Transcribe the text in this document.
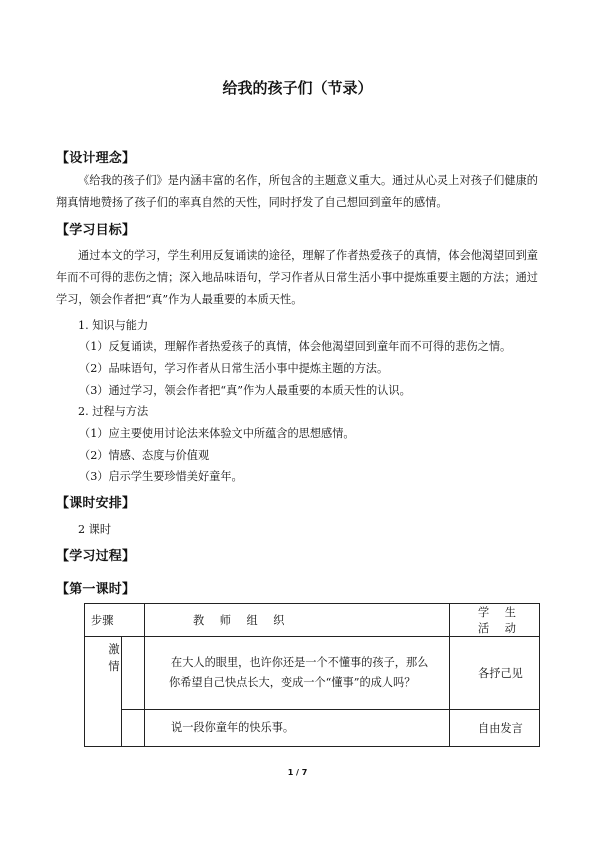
给我的孩子们（节录）
【设计理念】
《给我的孩子们》是内涵丰富的名作，所包含的主题意义重大。通过从心灵上对孩子们健康的翔真情地赞扬了孩子们的率真自然的天性，同时抒发了自己想回到童年的感情。
【学习目标】
通过本文的学习，学生利用反复诵读的途径，理解了作者热爱孩子的真情，体会他渴望回到童年而不可得的悲伤之情；深入地品味语句，学习作者从日常生活小事中提炼重要主题的方法；通过学习，领会作者把“真”作为人最重要的本质天性。
1. 知识与能力
（1）反复诵读，理解作者热爱孩子的真情，体会他渴望回到童年而不可得的悲伤之情。
（2）品味语句，学习作者从日常生活小事中提炼主题的方法。
（3）通过学习，领会作者把“真”作为人最重要的本质天性的认识。
2. 过程与方法
（1）应主要使用讨论法来体验文中所蕴含的思想感情。
（2）情感、态度与价值观
（3）启示学生要珍惜美好童年。
【课时安排】
2 课时
【学习过程】
【第一课时】
步骤		教 师 组 织	学 生 活 动
激情		在大人的眼里，也许你还是一个不懂事的孩子，那么你希望自己快点长大，变成一个“懂事”的成人吗？	各抒己见

		说一段你童年的快乐事。	自由发言
1 / 7
